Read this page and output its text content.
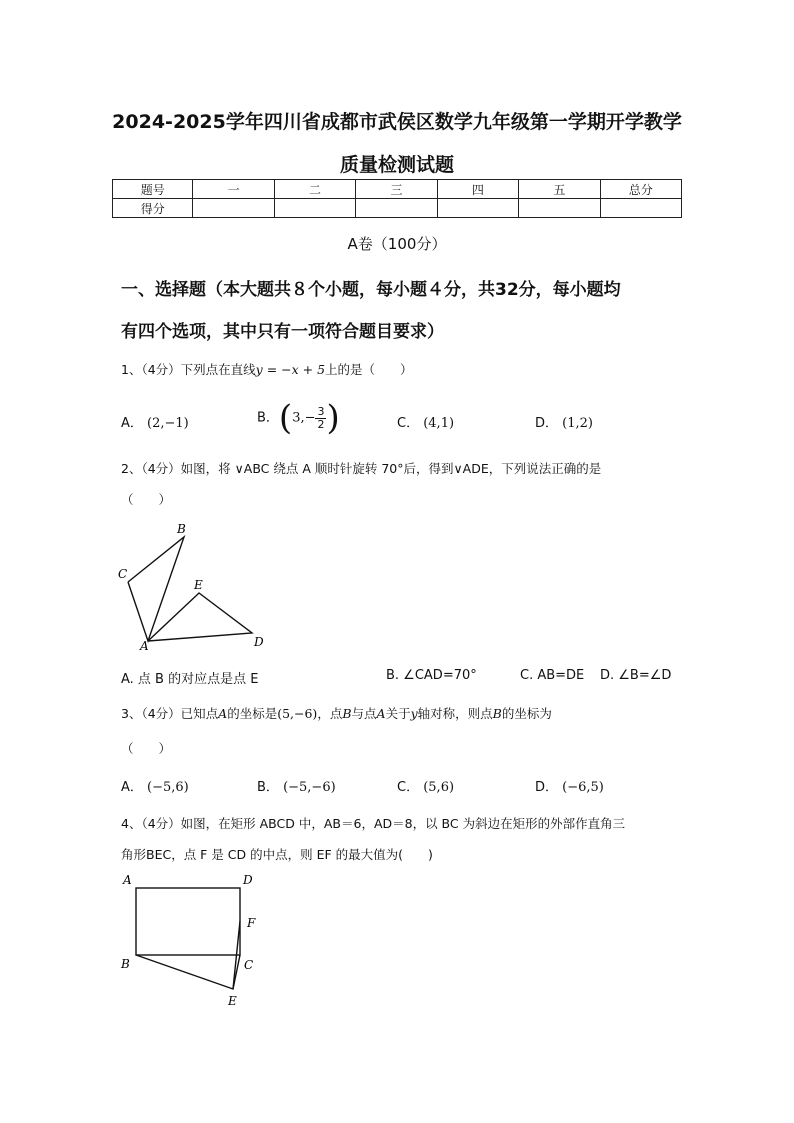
2024-2025学年四川省成都市武侯区数学九年级第一学期开学教学
质量检测试题
题号	一	二	三	四	五	总分
得分						
A卷（100分）
一、选择题（本大题共８个小题，每小题４分，共32分，每小题均
有四个选项，其中只有一项符合题目要求）
1、（4分）下列点在直线y = −x + 5上的是（　　）
A． (2,−1)	B．($3,- \frac{3}{2}$ )	C． (4,1)	D． (1,2)
2、（4分）如图，将 ∨ABC 绕点 A 顺时针旋转 70°后，得到∨ADE，下列说法正确的是
（　　）
A
B
C
D
E
A. 点 B 的对应点是点 E	B. ∠CAD=70°	C. AB=DE D. ∠B=∠D
3、（4分）已知点A的坐标是(5,−6)，点B与点A关于y轴对称，则点B的坐标为
（　　）
A． (−5,6)	B． (−5,−6)	C． (5,6)	D． (−6,5)
4、（4分）如图，在矩形 ABCD 中，AB＝6，AD＝8，以 BC 为斜边在矩形的外部作直角三
角形BEC，点 F 是 CD 的中点，则 EF 的最大值为(　　)
A	D
B	C
F
E
